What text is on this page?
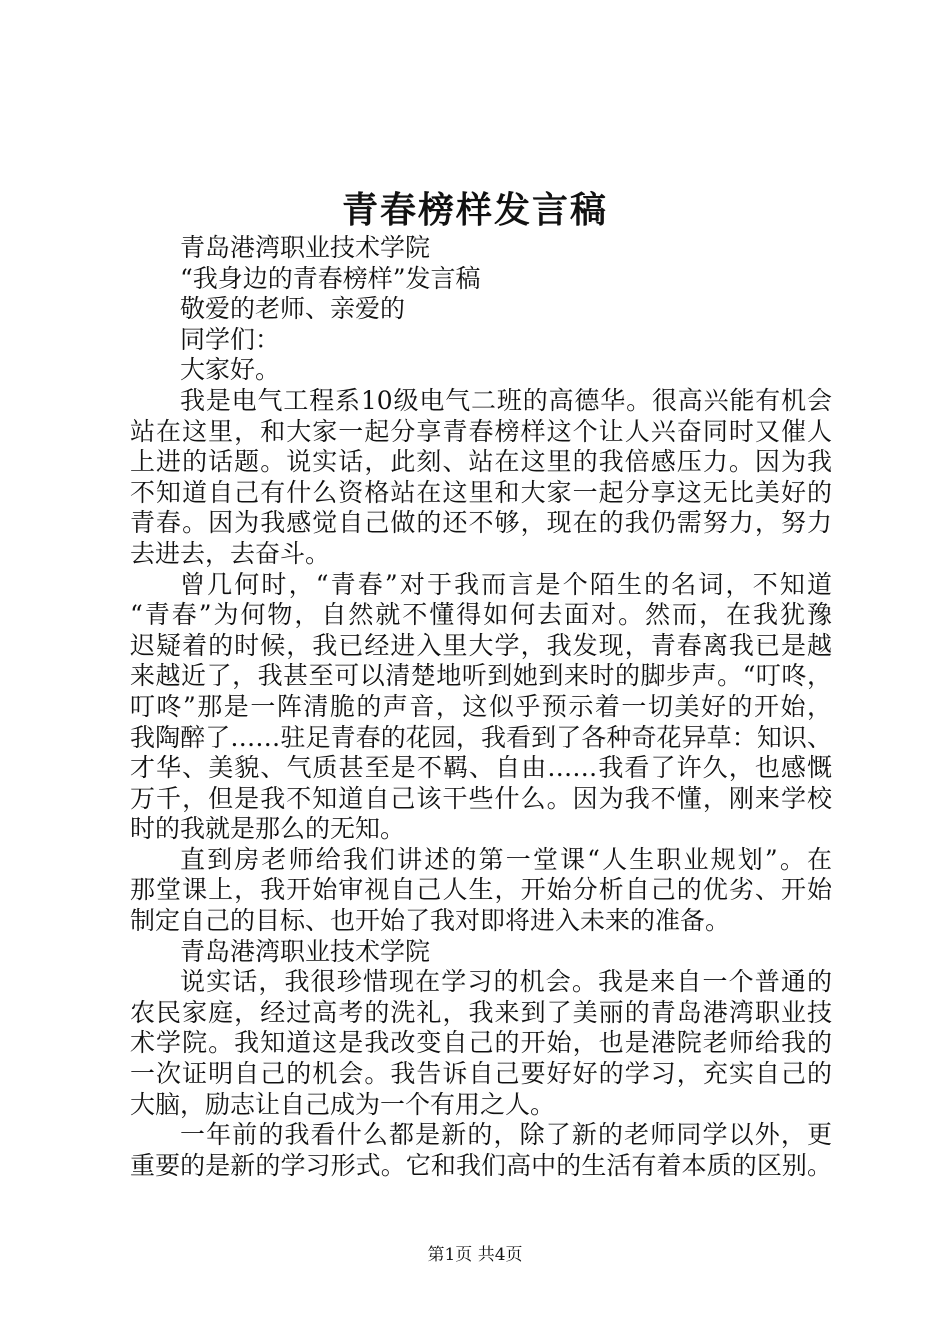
青春榜样发言稿
青岛港湾职业技术学院
“我身边的青春榜样”发言稿
敬爱的老师、亲爱的
同学们：
大家好。
我是电气工程系10级电气二班的高德华。很高兴能有机会
站在这里，和大家一起分享青春榜样这个让人兴奋同时又催人
上进的话题。说实话，此刻、站在这里的我倍感压力。因为我
不知道自己有什么资格站在这里和大家一起分享这无比美好的
青春。因为我感觉自己做的还不够，现在的我仍需努力，努力
去进去，去奋斗。
曾几何时，“青春”对于我而言是个陌生的名词，不知道
“青春”为何物，自然就不懂得如何去面对。然而，在我犹豫
迟疑着的时候，我已经进入里大学，我发现，青春离我已是越
来越近了，我甚至可以清楚地听到她到来时的脚步声。“叮咚，
叮咚”那是一阵清脆的声音，这似乎预示着一切美好的开始，
我陶醉了……驻足青春的花园，我看到了各种奇花异草：知识、
才华、美貌、气质甚至是不羁、自由……我看了许久，也感慨
万千，但是我不知道自己该干些什么。因为我不懂，刚来学校
时的我就是那么的无知。
直到房老师给我们讲述的第一堂课“人生职业规划”。在
那堂课上，我开始审视自己人生，开始分析自己的优劣、开始
制定自己的目标、也开始了我对即将进入未来的准备。
青岛港湾职业技术学院
说实话，我很珍惜现在学习的机会。我是来自一个普通的
农民家庭，经过高考的洗礼，我来到了美丽的青岛港湾职业技
术学院。我知道这是我改变自己的开始，也是港院老师给我的
一次证明自己的机会。我告诉自己要好好的学习，充实自己的
大脑，励志让自己成为一个有用之人。
一年前的我看什么都是新的，除了新的老师同学以外，更
重要的是新的学习形式。它和我们高中的生活有着本质的区别。
第1页 共4页
